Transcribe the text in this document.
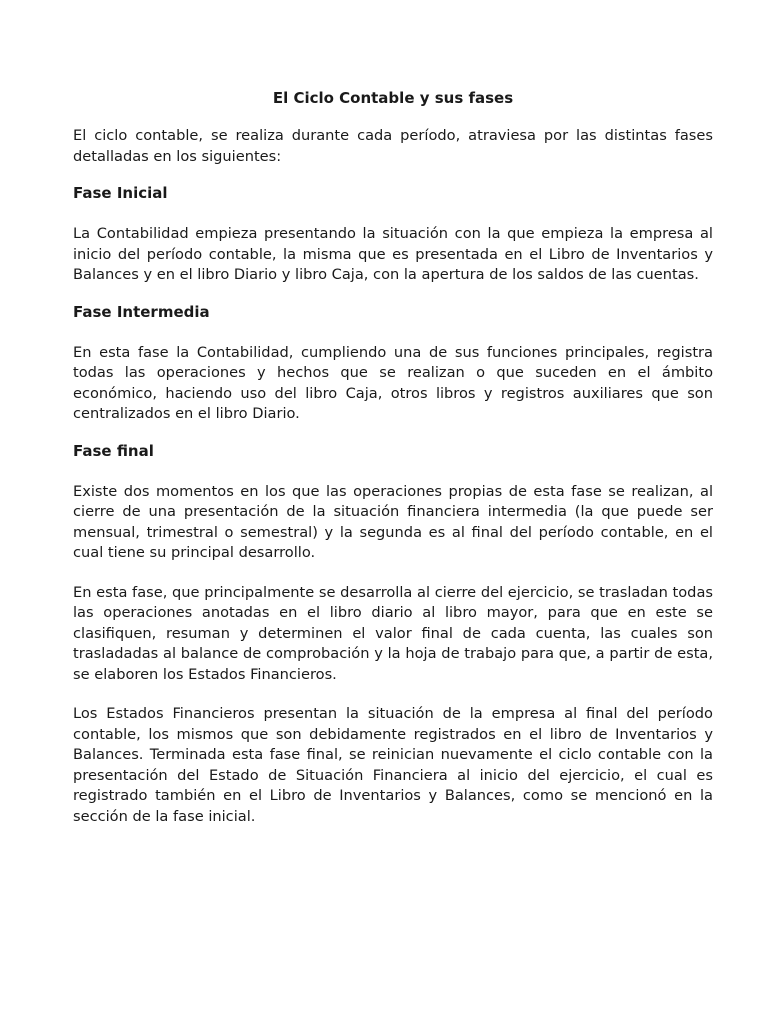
El Ciclo Contable y sus fases
El ciclo contable, se realiza durante cada período, atraviesa por las distintas fases detalladas en los siguientes:
Fase Inicial
La Contabilidad empieza presentando la situación con la que empieza la empresa al inicio del período contable, la misma que es presentada en el Libro de Inventarios y Balances y en el libro Diario y libro Caja, con la apertura de los saldos de las cuentas.
Fase Intermedia
En esta fase la Contabilidad, cumpliendo una de sus funciones principales, registra todas las operaciones y hechos que se realizan o que suceden en el ámbito económico, haciendo uso del libro Caja, otros libros y registros auxiliares que son centralizados en el libro Diario.
Fase final
Existe dos momentos en los que las operaciones propias de esta fase se realizan, al cierre de una presentación de la situación financiera intermedia (la que puede ser mensual, trimestral o semestral) y la segunda es al final del período contable, en el cual tiene su principal desarrollo.
En esta fase, que principalmente se desarrolla al cierre del ejercicio, se trasladan todas las operaciones anotadas en el libro diario al libro mayor, para que en este se clasifiquen, resuman y determinen el valor final de cada cuenta, las cuales son trasladadas al balance de comprobación y la hoja de trabajo para que, a partir de esta, se elaboren los Estados Financieros.
Los Estados Financieros presentan la situación de la empresa al final del período contable, los mismos que son debidamente registrados en el libro de Inventarios y Balances. Terminada esta fase final, se reinician nuevamente el ciclo contable con la presentación del Estado de Situación Financiera al inicio del ejercicio, el cual es registrado también en el Libro de Inventarios y Balances, como se mencionó en la sección de la fase inicial.
